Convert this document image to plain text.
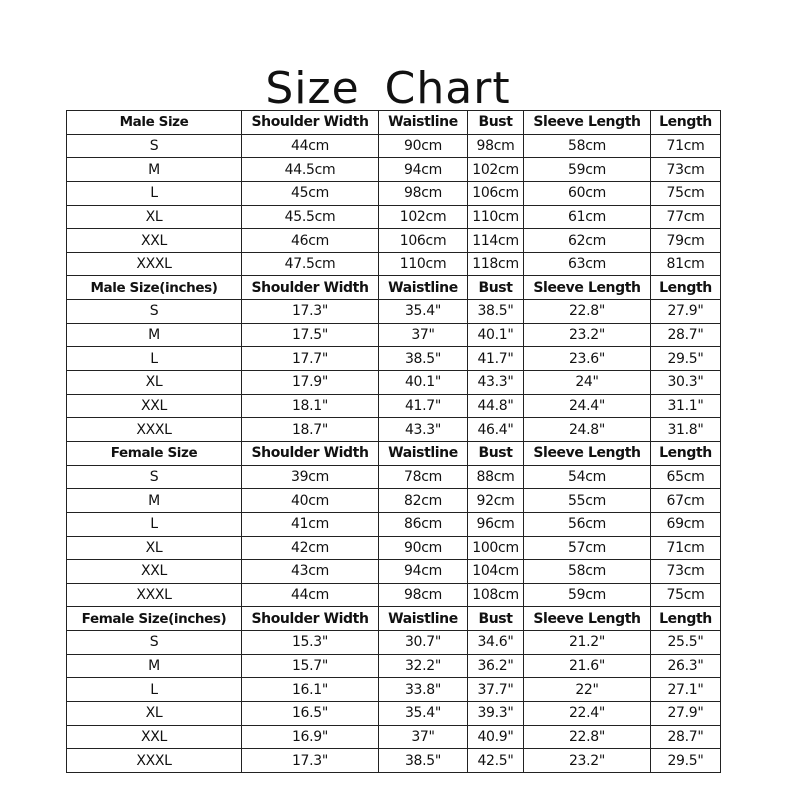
Size Chart
Male Size	Shoulder Width	Waistline	Bust	Sleeve Length	Length
S	44cm	90cm	98cm	58cm	71cm
M	44.5cm	94cm	102cm	59cm	73cm
L	45cm	98cm	106cm	60cm	75cm
XL	45.5cm	102cm	110cm	61cm	77cm
XXL	46cm	106cm	114cm	62cm	79cm
XXXL	47.5cm	110cm	118cm	63cm	81cm
Male Size(inches)	Shoulder Width	Waistline	Bust	Sleeve Length	Length
S	17.3"	35.4"	38.5"	22.8"	27.9"
M	17.5"	37"	40.1"	23.2"	28.7"
L	17.7"	38.5"	41.7"	23.6"	29.5"
XL	17.9"	40.1"	43.3"	24"	30.3"
XXL	18.1"	41.7"	44.8"	24.4"	31.1"
XXXL	18.7"	43.3"	46.4"	24.8"	31.8"
Female Size	Shoulder Width	Waistline	Bust	Sleeve Length	Length
S	39cm	78cm	88cm	54cm	65cm
M	40cm	82cm	92cm	55cm	67cm
L	41cm	86cm	96cm	56cm	69cm
XL	42cm	90cm	100cm	57cm	71cm
XXL	43cm	94cm	104cm	58cm	73cm
XXXL	44cm	98cm	108cm	59cm	75cm
Female Size(inches)	Shoulder Width	Waistline	Bust	Sleeve Length	Length
S	15.3"	30.7"	34.6"	21.2"	25.5"
M	15.7"	32.2"	36.2"	21.6"	26.3"
L	16.1"	33.8"	37.7"	22"	27.1"
XL	16.5"	35.4"	39.3"	22.4"	27.9"
XXL	16.9"	37"	40.9"	22.8"	28.7"
XXXL	17.3"	38.5"	42.5"	23.2"	29.5"
